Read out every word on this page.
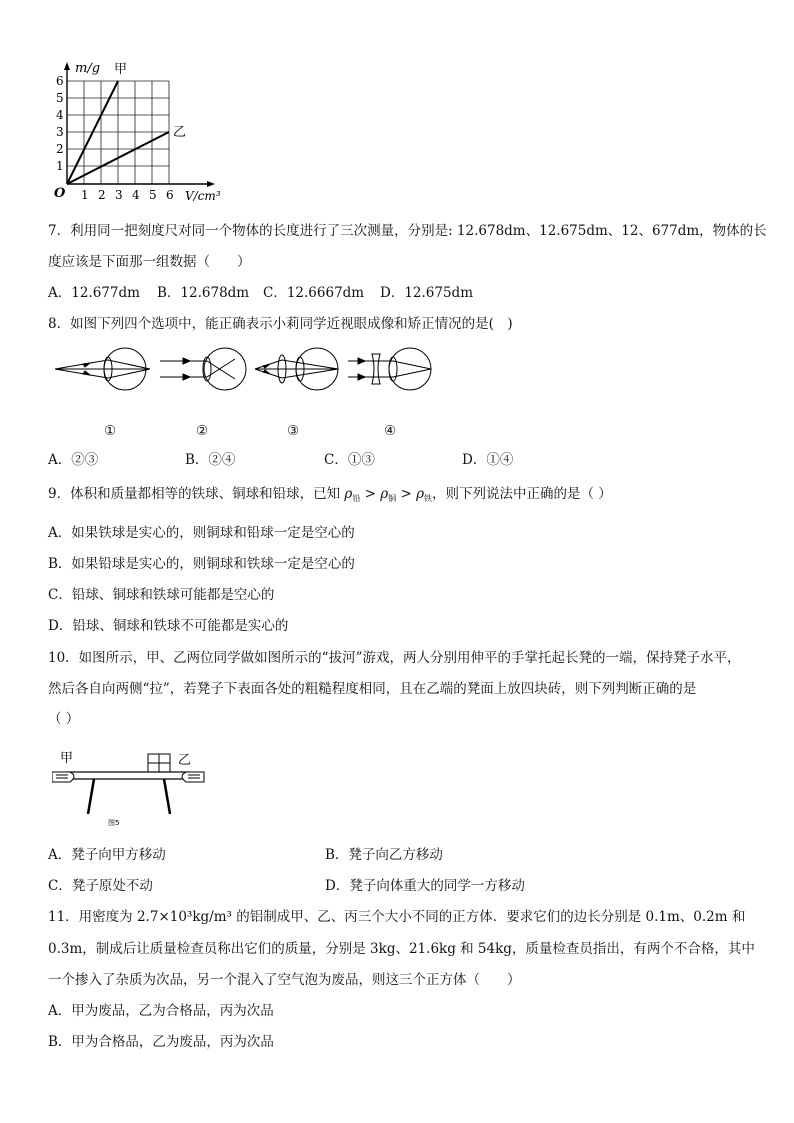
m/g 甲
乙
O	V/cm³
1
2
3
4
5
6
1 2 3 4 5 6
7．利用同一把刻度尺对同一个物体的长度进行了三次测量，分别是: 12.678dm、12.675dm、12、677dm，物体的长
度应该是下面那一组数据（　　）
A．12.677dm B．12.678dm C．12.6667dm D．12.675dm
8．如图下列四个选项中，能正确表示小莉同学近视眼成像和矫正情况的是(　)
①	②	③	④
A．②③	B．②④	C．①③	D．①④
9．体积和质量都相等的铁球、铜球和铅球，已知 $\rho_铅 > \rho_铜 > \rho_铁$，则下列说法中正确的是（ ）
A．如果铁球是实心的，则铜球和铅球一定是空心的
B．如果铅球是实心的，则铜球和铁球一定是空心的
C．铅球、铜球和铁球可能都是空心的
D．铅球、铜球和铁球不可能都是实心的
10．如图所示，甲、乙两位同学做如图所示的“拔河”游戏，两人分别用伸平的手掌托起长凳的一端，保持凳子水平，
然后各自向两侧“拉”，若凳子下表面各处的粗糙程度相同，且在乙端的凳面上放四块砖，则下列判断正确的是
（ ）
甲	乙
图5
A．凳子向甲方移动	B．凳子向乙方移动
C．凳子原处不动	D．凳子向体重大的同学一方移动
11．用密度为 2.7×10³kg/m³ 的铝制成甲、乙、丙三个大小不同的正方体．要求它们的边长分别是 0.1m、0.2m 和
0.3m，制成后让质量检查员称出它们的质量，分别是 3kg、21.6kg 和 54kg，质量检查员指出，有两个不合格，其中
一个掺入了杂质为次品，另一个混入了空气泡为废品，则这三个正方体（　　）
A．甲为废品，乙为合格品，丙为次品
B．甲为合格品，乙为废品，丙为次品
